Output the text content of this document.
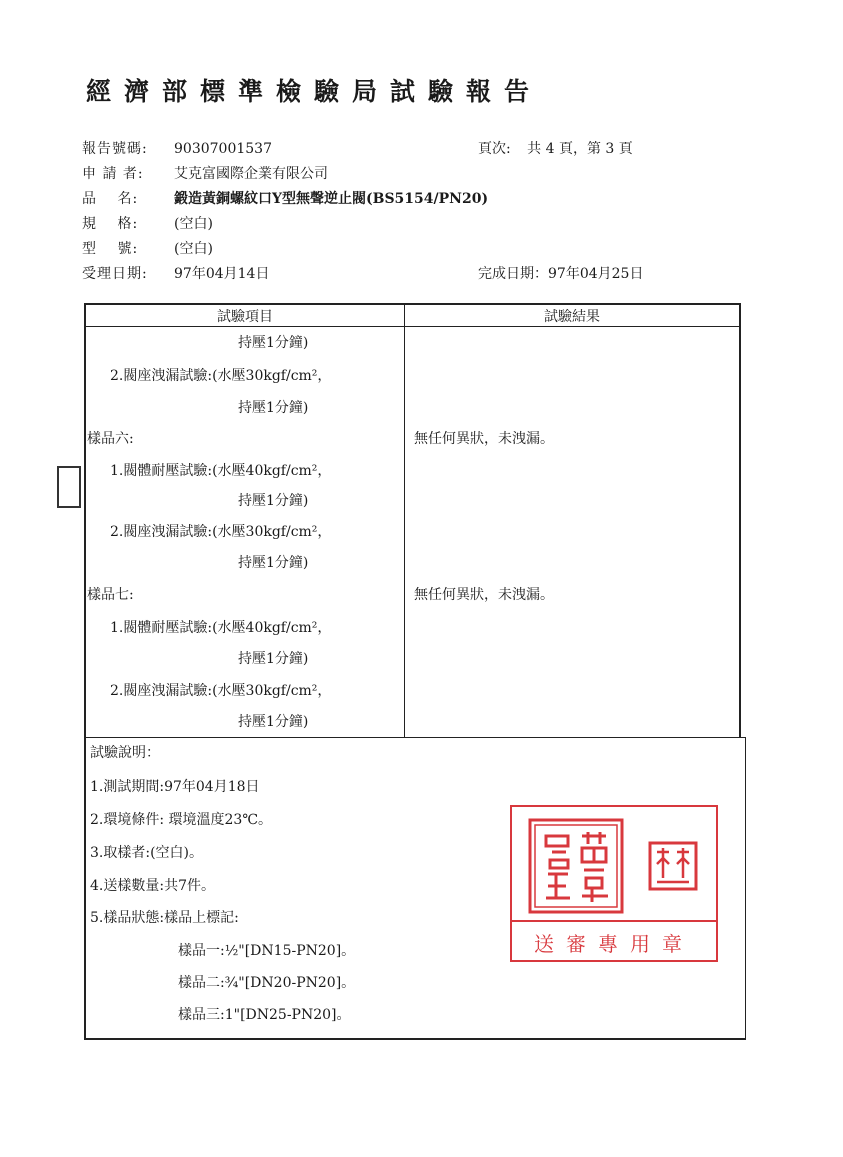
經濟部標準檢驗局試驗報告
報告號碼: 90307001537	頁次: 共 4 頁，第 3 頁
申 請 者: 艾克富國際企業有限公司
品　 名:	鍛造黃銅螺紋口Y型無聲逆止閥(BS5154/PN20)
規　 格:	(空白)
型　 號:	(空白)
受理日期: 97年04月14日	完成日期：97年04月25日
試驗項目	試驗結果
持壓1分鐘)
2.閥座洩漏試驗:(水壓30kgf/cm²，
持壓1分鐘)
樣品六:	無任何異狀，未洩漏。
1.閥體耐壓試驗:(水壓40kgf/cm²，
持壓1分鐘)
2.閥座洩漏試驗:(水壓30kgf/cm²，
持壓1分鐘)
樣品七:	無任何異狀，未洩漏。
1.閥體耐壓試驗:(水壓40kgf/cm²，
持壓1分鐘)
2.閥座洩漏試驗:(水壓30kgf/cm²，
持壓1分鐘)
試驗說明：
1.測試期間:97年04月18日
2.環境條件: 環境溫度23℃。
3.取樣者:(空白)。
4.送樣數量:共7件。
5.樣品狀態:樣品上標記:
樣品一:½"[DN15-PN20]。
樣品二:¾"[DN20-PN20]。
樣品三:1"[DN25-PN20]。
送審專用章
